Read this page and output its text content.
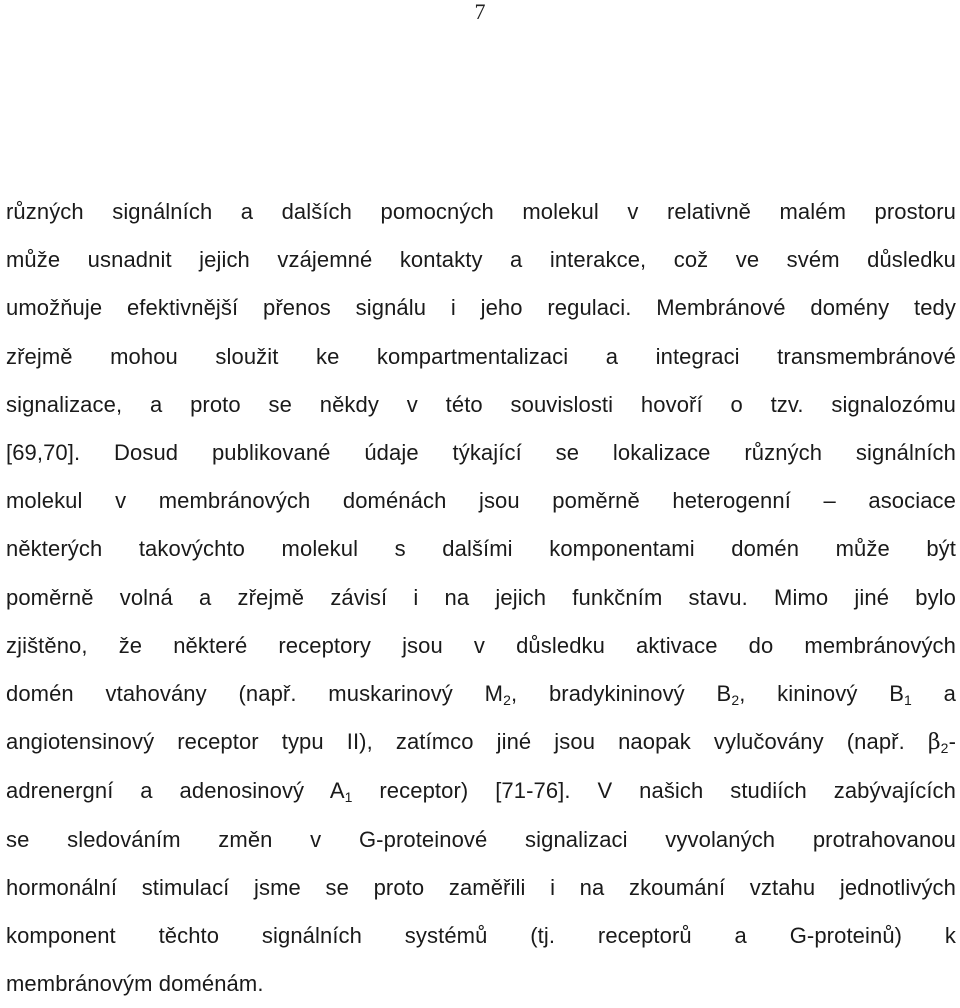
7
různých signálních a dalších pomocných molekul v relativně malém prostoru
může usnadnit jejich vzájemné kontakty a interakce, což ve svém důsledku
umožňuje efektivnější přenos signálu i jeho regulaci. Membránové domény tedy
zřejmě mohou sloužit ke kompartmentalizaci a integraci transmembránové
signalizace, a proto se někdy v této souvislosti hovoří o tzv. signalozómu
[69,70]. Dosud publikované údaje týkající se lokalizace různých signálních
molekul v membránových doménách jsou poměrně heterogenní – asociace
některých takovýchto molekul s dalšími komponentami domén může být
poměrně volná a zřejmě závisí i na jejich funkčním stavu. Mimo jiné bylo
zjištěno, že některé receptory jsou v důsledku aktivace do membránových
domén vtahovány (např. muskarinový $M_2$, bradykininový $B_2$, kininový $B_1$ a
angiotensinový receptor typu II), zatímco jiné jsou naopak vylučovány (např. $\beta_2-$
adrenergní a adenosinový $A_1$ receptor) [71-76]. V našich studiích zabývajících
se sledováním změn v G-proteinové signalizaci vyvolaných protrahovanou
hormonální stimulací jsme se proto zaměřili i na zkoumání vztahu jednotlivých
komponent těchto signálních systémů (tj. receptorů a G-proteinů) k
membránovým doménám.
